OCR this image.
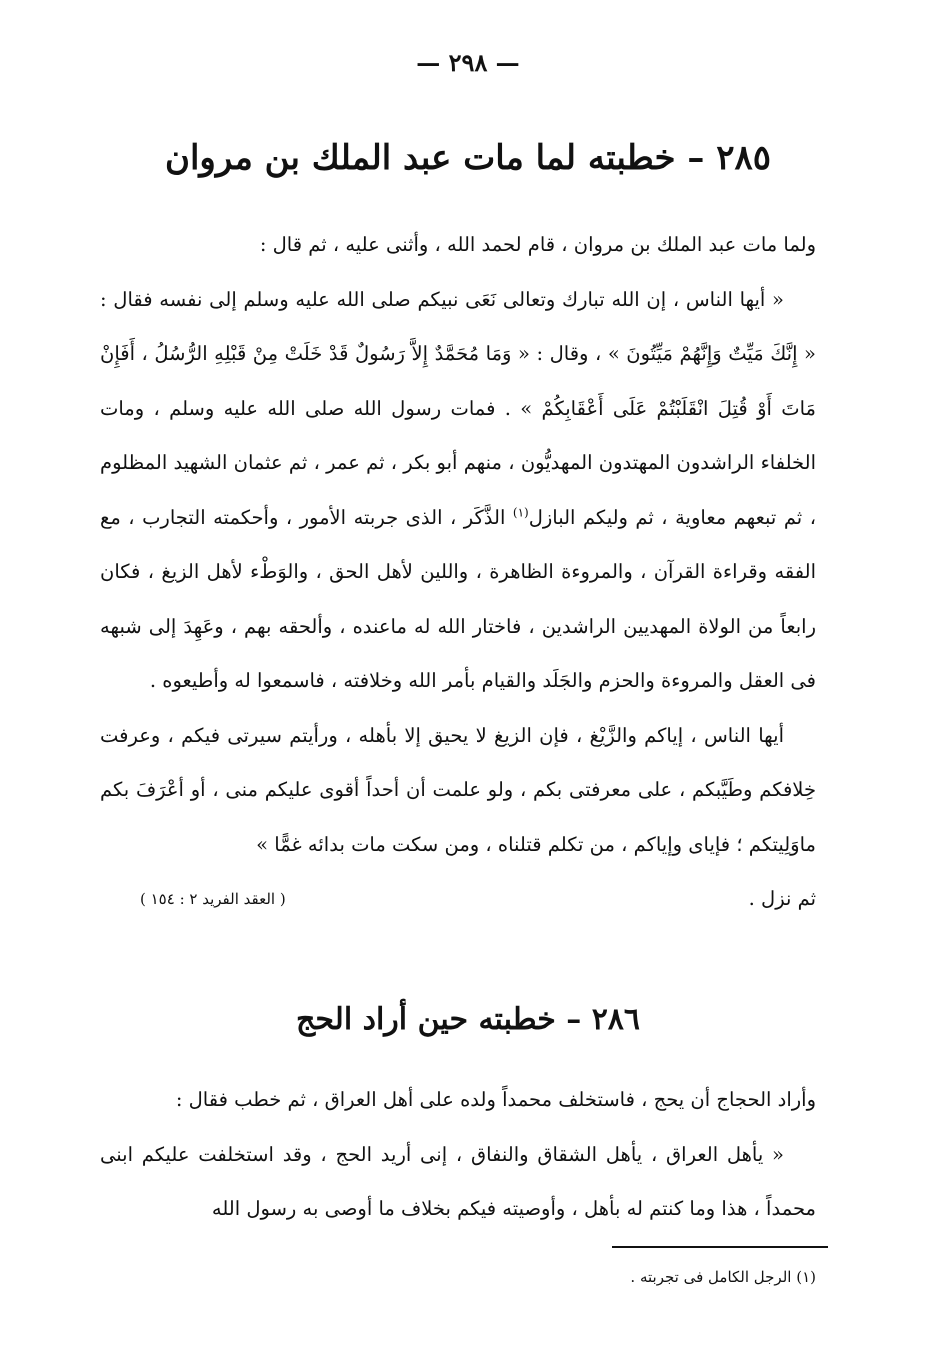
— ٢٩٨ —
٢٨٥ – خطبته لما مات عبد الملك بن مروان

ولما مات عبد الملك بن مروان ، قام لحمد الله ، وأثنى عليه ، ثم قال :

« أيها الناس ، إن الله تبارك وتعالى نَعَى نبيكم صلى الله عليه وسلم إلى نفسه فقال : « إِنَّكَ مَيِّتٌ وَإِنَّهُمْ مَيِّتُونَ » ، وقال : « وَمَا مُحَمَّدٌ إِلاَّ رَسُولٌ قَدْ خَلَتْ مِنْ قَبْلِهِ الرُّسُلُ ، أَفَإِنْ مَاتَ أَوْ قُتِلَ انْقَلَبْتُمْ عَلَى أَعْقَابِكُمْ » . فمات رسول الله صلى الله عليه وسلم ، ومات الخلفاء الراشدون المهتدون المهديُّون ، منهم أبو بكر ، ثم عمر ، ثم عثمان الشهيد المظلوم ، ثم تبعهم معاوية ، ثم وليكم البازل$^{(١)}$ الذَّكَر ، الذى جربته الأمور ، وأحكمته التجارب ، مع الفقه وقراءة القرآن ، والمروءة الظاهرة ، واللين لأهل الحق ، والوَطْء لأهل الزيغ ، فكان رابعاً من الولاة المهديين الراشدين ، فاختار الله له ماعنده ، وألحقه بهم ، وعَهِدَ إلى شبهه فى العقل والمروءة والحزم والجَلَد والقيام بأمر الله وخلافته ، فاسمعوا له وأطيعوه .

أيها الناس ، إياكم والزَّيْغ ، فإن الزيغ لا يحيق إلا بأهله ، ورأيتم سيرتى فيكم ، وعرفت خِلافكم وطَيَّبكم ، على معرفتى بكم ، ولو علمت أن أحداً أقوى عليكم منى ، أو أعْرَفَ بكم ماوَلِيتكم ؛ فإياى وإياكم ، من تكلم قتلناه ، ومن سكت مات بدائه غمًّا »

ثم نزل .
( العقد الفريد ٢ : ١٥٤ )

٢٨٦ – خطبته حين أراد الحج

وأراد الحجاج أن يحج ، فاستخلف محمداً ولده على أهل العراق ، ثم خطب فقال :

« يأهل العراق ، يأهل الشقاق والنفاق ، إنى أريد الحج ، وقد استخلفت عليكم ابنى محمداً ، هذا وما كنتم له بأهل ، وأوصيته فيكم بخلاف ما أوصى به رسول الله

(١) الرجل الكامل فى تجربته .
